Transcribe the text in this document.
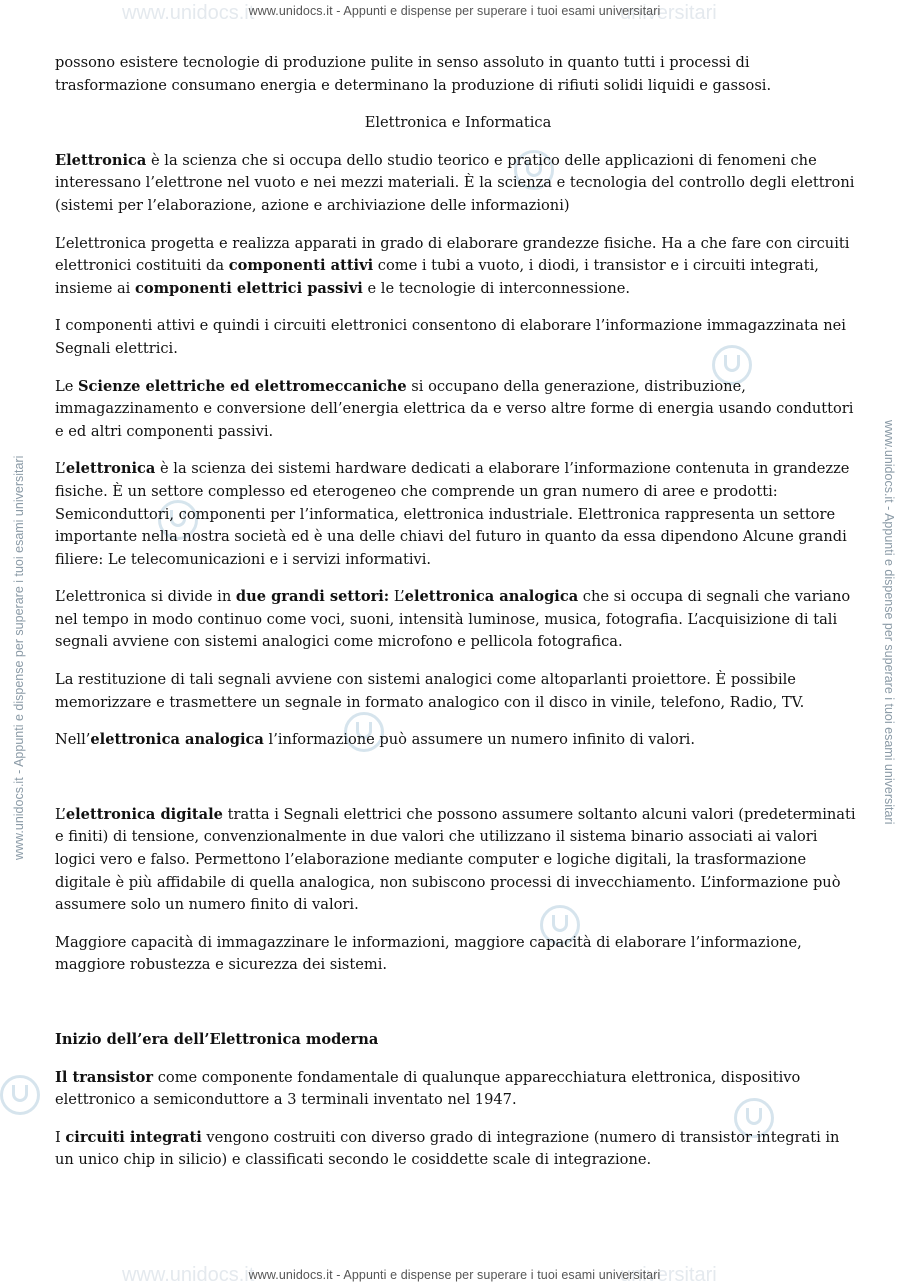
www.unidocs.it	universitari
www.unidocs.it	universitari
www.unidocs.it - Appunti e dispense per superare i tuoi esami universitari
www.unidocs.it - Appunti e dispense per superare i tuoi esami universitari
www.unidocs.it - Appunti e dispense per superare i tuoi esami universitari	www.unidocs.it - Appunti e dispense per superare i tuoi esami universitari

possono esistere tecnologie di produzione pulite in senso assoluto in quanto tutti i processi di trasformazione consumano energia e determinano la produzione di rifiuti solidi liquidi e gassosi.

Elettronica e Informatica

Elettronica è la scienza che si occupa dello studio teorico e pratico delle applicazioni di fenomeni che interessano l’elettrone nel vuoto e nei mezzi materiali. È la scienza e tecnologia del controllo degli elettroni (sistemi per l’elaborazione, azione e archiviazione delle informazioni)

L’elettronica progetta e realizza apparati in grado di elaborare grandezze fisiche. Ha a che fare con circuiti elettronici costituiti da componenti attivi come i tubi a vuoto, i diodi, i transistor e i circuiti integrati, insieme ai componenti elettrici passivi e le tecnologie di interconnessione.

I componenti attivi e quindi i circuiti elettronici consentono di elaborare l’informazione immagazzinata nei Segnali elettrici.

Le Scienze elettriche ed elettromeccaniche si occupano della generazione, distribuzione, immagazzinamento e conversione dell’energia elettrica da e verso altre forme di energia usando conduttori e ed altri componenti passivi.

L’elettronica è la scienza dei sistemi hardware dedicati a elaborare l’informazione contenuta in grandezze fisiche. È un settore complesso ed eterogeneo che comprende un gran numero di aree e prodotti: Semiconduttori, componenti per l’informatica, elettronica industriale. Elettronica rappresenta un settore importante nella nostra società ed è una delle chiavi del futuro in quanto da essa dipendono Alcune grandi filiere: Le telecomunicazioni e i servizi informativi.

L’elettronica si divide in due grandi settori: L’elettronica analogica che si occupa di segnali che variano nel tempo in modo continuo come voci, suoni, intensità luminose, musica, fotografia. L’acquisizione di tali segnali avviene con sistemi analogici come microfono e pellicola fotografica.

La restituzione di tali segnali avviene con sistemi analogici come altoparlanti proiettore. È possibile memorizzare e trasmettere un segnale in formato analogico con il disco in vinile, telefono, Radio, TV.

Nell’elettronica analogica l’informazione può assumere un numero infinito di valori.

L’elettronica digitale tratta i Segnali elettrici che possono assumere soltanto alcuni valori (predeterminati e finiti) di tensione, convenzionalmente in due valori che utilizzano il sistema binario associati ai valori logici vero e falso. Permettono l’elaborazione mediante computer e logiche digitali, la trasformazione digitale è più affidabile di quella analogica, non subiscono processi di invecchiamento. L’informazione può assumere solo un numero finito di valori.

Maggiore capacità di immagazzinare le informazioni, maggiore capacità di elaborare l’informazione, maggiore robustezza e sicurezza dei sistemi.

Inizio dell’era dell’Elettronica moderna

Il transistor come componente fondamentale di qualunque apparecchiatura elettronica, dispositivo elettronico a semiconduttore a 3 terminali inventato nel 1947.

I circuiti integrati vengono costruiti con diverso grado di integrazione (numero di transistor integrati in un unico chip in silicio) e classificati secondo le cosiddette scale di integrazione.
